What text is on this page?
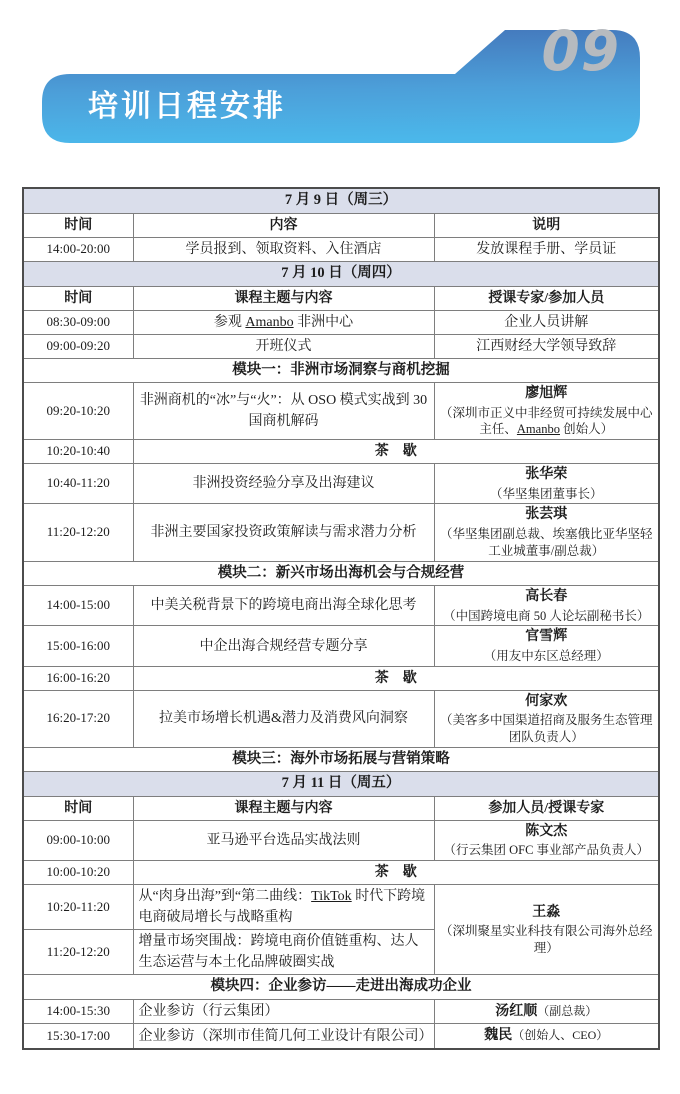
培训日程安排
09
7 月 9 日（周三）		
时间	内容	说明
14:00-20:00	学员报到、领取资料、入住酒店	发放课程手册、学员证
7 月 10 日（周四）		
时间	课程主题与内容	授课专家/参加人员
08:30-09:00	参观 Amanbo 非洲中心	企业人员讲解
09:00-09:20	开班仪式	江西财经大学领导致辞
模块一：非洲市场洞察与商机挖掘		
09:20-10:20	非洲商机的“冰”与“火”：从 OSO 模式实战到 30 国商机解码	廖旭辉
（深圳市正义中非经贸可持续发展中心主任、Amanbo 创始人）

10:20-10:40	茶　歇	
10:40-11:20	非洲投资经验分享及出海建议	张华荣
（华坚集团董事长）

11:20-12:20	非洲主要国家投资政策解读与需求潜力分析	张芸琪
（华坚集团副总裁、埃塞俄比亚华坚轻工业城董事/副总裁）

模块二：新兴市场出海机会与合规经营		
14:00-15:00	中美关税背景下的跨境电商出海全球化思考	高长春
（中国跨境电商 50 人论坛副秘书长）

15:00-16:00	中企出海合规经营专题分享	官雪辉
（用友中东区总经理）

16:00-16:20	茶　歇	
16:20-17:20	拉美市场增长机遇&潜力及消费风向洞察	何家欢
（美客多中国渠道招商及服务生态管理团队负责人）

模块三：海外市场拓展与营销策略		
7 月 11 日（周五）		
时间	课程主题与内容	参加人员/授课专家
09:00-10:00	亚马逊平台选品实战法则	陈文杰
（行云集团 OFC 事业部产品负责人）

10:00-10:20	茶　歇	
10:20-11:20	从“肉身出海”到“第二曲线：TikTok 时代下跨境电商破局增长与战略重构	王淼
（深圳聚星实业科技有限公司海外总经理）

11:20-12:20	增量市场突围战：跨境电商价值链重构、达人生态运营与本土化品牌破圈实战	
模块四：企业参访——走进出海成功企业		
14:00-15:30	企业参访（行云集团）	汤红顺（副总裁）
15:30-17:00	企业参访（深圳市佳简几何工业设计有限公司）	魏民（创始人、CEO）
